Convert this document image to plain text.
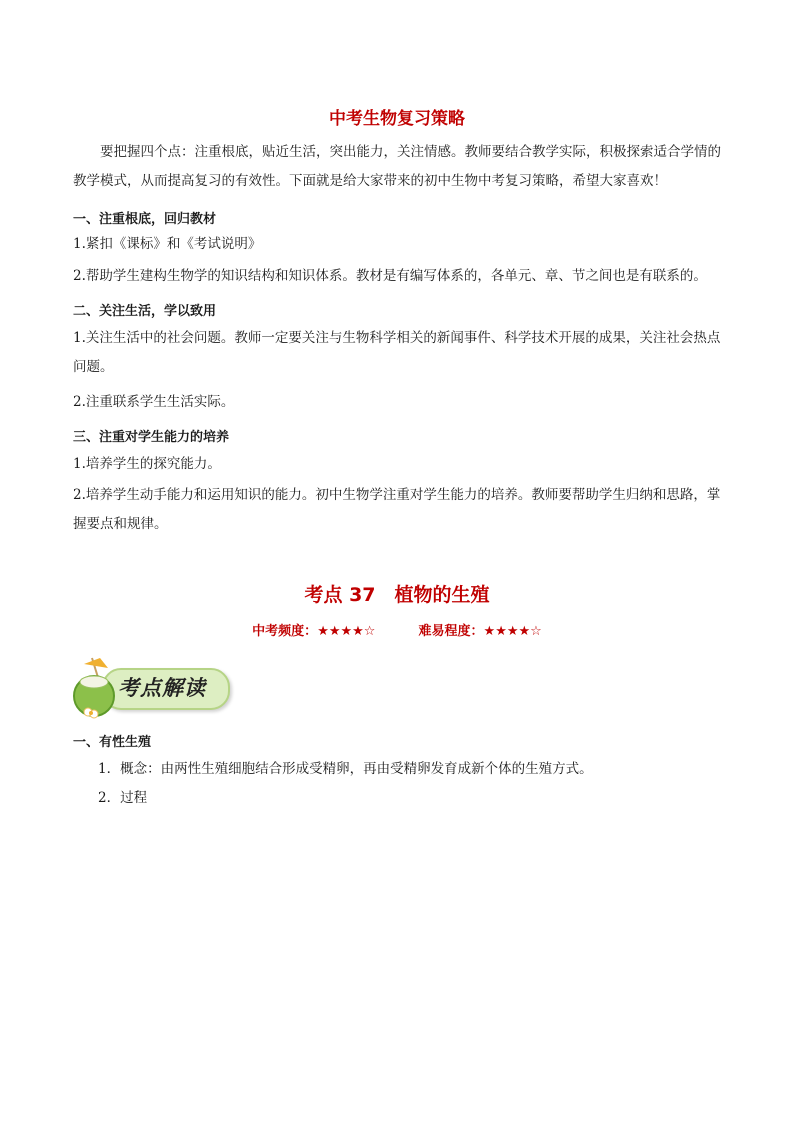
中考生物复习策略
要把握四个点：注重根底，贴近生活，突出能力，关注情感。教师要结合教学实际，积极探索适合学情的教学模式，从而提高复习的有效性。下面就是给大家带来的初中生物中考复习策略，希望大家喜欢！
一、注重根底，回归教材
1.紧扣《课标》和《考试说明》
2.帮助学生建构生物学的知识结构和知识体系。教材是有编写体系的，各单元、章、节之间也是有联系的。
二、关注生活，学以致用
1.关注生活中的社会问题。教师一定要关注与生物科学相关的新闻事件、科学技术开展的成果，关注社会热点问题。
2.注重联系学生生活实际。
三、注重对学生能力的培养
1.培养学生的探究能力。
2.培养学生动手能力和运用知识的能力。初中生物学注重对学生能力的培养。教师要帮助学生归纳和思路，掌握要点和规律。
考点 37　植物的生殖
中考频度：★★★★☆	难易程度：★★★★☆
考点解读
一、有性生殖
1．概念：由两性生殖细胞结合形成受精卵，再由受精卵发育成新个体的生殖方式。
2．过程
